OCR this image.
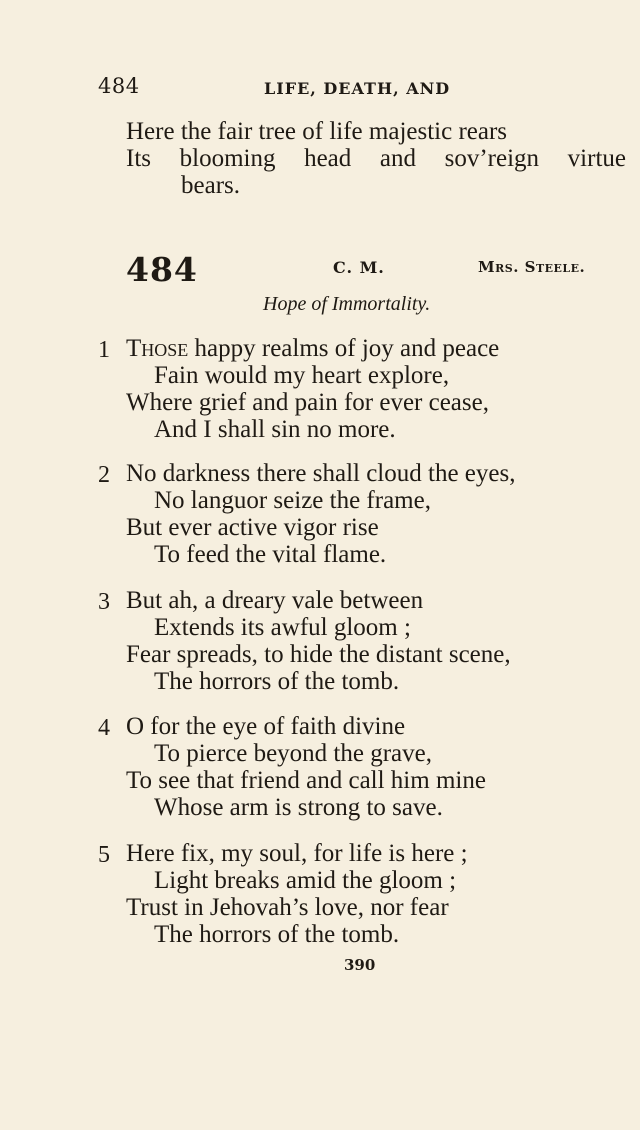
484	LIFE, DEATH, AND
Here the fair tree of life majestic rears
Its blooming head and sov’reign virtue
bears.
484	C. M.	Mrs. Steele.
Hope of Immortality.
1 Those happy realms of joy and peace
Fain would my heart explore,
Where grief and pain for ever cease,
And I shall sin no more.
2 No darkness there shall cloud the eyes,
No languor seize the frame,
But ever active vigor rise
To feed the vital flame.
3 But ah, a dreary vale between
Extends its awful gloom ;
Fear spreads, to hide the distant scene,
The horrors of the tomb.
4 O for the eye of faith divine
To pierce beyond the grave,
To see that friend and call him mine
Whose arm is strong to save.
5 Here fix, my soul, for life is here ;
Light breaks amid the gloom ;
Trust in Jehovah’s love, nor fear
The horrors of the tomb.
390
